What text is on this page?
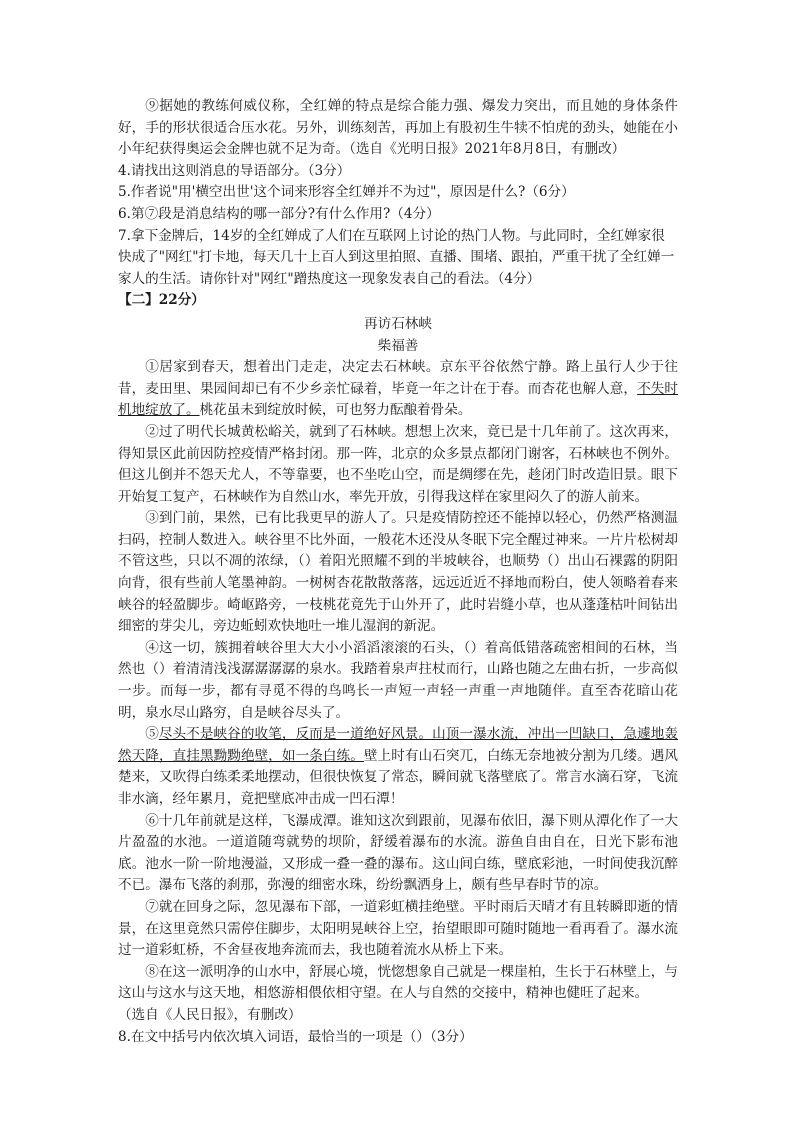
⑨据她的教练何威仪称，全红婵的特点是综合能力强、爆发力突出，而且她的身体条件好，手的形状很适合压水花。另外，训练刻苦，再加上有股初生牛犊不怕虎的劲头，她能在小小年纪获得奥运会金牌也就不足为奇。（选自《光明日报》2021年8月8日，有删改）

4.请找出这则消息的导语部分。（3分）

5.作者说"用'横空出世'这个词来形容全红婵并不为过"，原因是什么?（6分）

6.第⑦段是消息结构的哪一部分?有什么作用?（4分）

7.拿下金牌后，14岁的全红婵成了人们在互联网上讨论的热门人物。与此同时，全红婵家很快成了"网红"打卡地，每天几十上百人到这里拍照、直播、围堵、跟拍，严重干扰了全红婵一家人的生活。请你针对"网红"蹭热度这一现象发表自己的看法。（4分）

【二】22分）

再访石林峡

柴福善

①居家到春天，想着出门走走，决定去石林峡。京东平谷依然宁静。路上虽行人少于往昔，麦田里、果园间却已有不少乡亲忙碌着，毕竟一年之计在于春。而杏花也解人意，不失时机地绽放了。桃花虽未到绽放时候，可也努力酝酿着骨朵。

②过了明代长城黄松峪关，就到了石林峡。想想上次来，竟已是十几年前了。这次再来，得知景区此前因防控疫情严格封闭。那一阵，北京的众多景点都闭门谢客，石林峡也不例外。但这儿倒并不怨天尤人，不等靠要，也不坐吃山空，而是绸缪在先，趁闭门时改造旧景。眼下开始复工复产，石林峡作为自然山水，率先开放，引得我这样在家里闷久了的游人前来。

③到门前，果然，已有比我更早的游人了。只是疫情防控还不能掉以轻心，仍然严格测温扫码，控制人数进入。峡谷里不比外面，一般花木还没从冬眠下完全醒过神来。一片片松树却不管这些，只以不凋的浓绿，（）着阳光照耀不到的半坡峡谷，也顺势（）出山石裸露的阴阳向背，很有些前人笔墨神韵。一树树杏花散散落落，远远近近不择地而粉白，使人领略着春来峡谷的轻盈脚步。崎岖路旁，一枝桃花竟先于山外开了，此时岩缝小草，也从蓬蓬枯叶间钻出细密的芽尖儿，旁边蚯蚓欢快地吐一堆儿湿润的新泥。

④这一切，簇拥着峡谷里大大小小滔滔滚滚的石头，（）着高低错落疏密相间的石林，当然也（）着清清浅浅潺潺潺潺的泉水。我踏着泉声拄杖而行，山路也随之左曲右折，一步高似一步。而每一步，都有寻觅不得的鸟鸣长一声短一声轻一声重一声地随伴。直至杏花暗山花明，泉水尽山路穷，自是峡谷尽头了。

⑤尽头不是峡谷的收笔，反而是一道绝好风景。山顶一瀑水流，冲出一凹缺口，急遽地轰然天降，直挂黑黝黝绝壁，如一条白练。壁上时有山石突兀，白练无奈地被分割为几缕。遇风楚来，又吹得白练柔柔地摆动，但很快恢复了常态，瞬间就飞落壁底了。常言水滴石穿，飞流非水滴，经年累月，竟把壁底冲击成一凹石潭！

⑥十几年前就是这样，飞瀑成潭。谁知这次到跟前，见瀑布依旧，瀑下则从潭化作了一大片盈盈的水池。一道道随弯就势的坝阶，舒缓着瀑布的水流。游鱼自由自在，日光下影布池底。池水一阶一阶地漫溢，又形成一叠一叠的瀑布。这山间白练，壁底彩池，一时间使我沉醉不已。瀑布飞落的刹那，弥漫的细密水珠，纷纷飘洒身上，颇有些早春时节的凉。

⑦就在回身之际，忽见瀑布下部，一道彩虹横挂绝壁。平时雨后天晴才有且转瞬即逝的情景，在这里竟然只需停住脚步，太阳明晃峡谷上空，抬望眼即可随时随地一看再看了。瀑水流过一道彩虹桥，不舍昼夜地奔流而去，我也随着流水从桥上下来。

⑧在这一派明净的山水中，舒展心境，恍惚想象自己就是一棵崖柏，生长于石林壁上，与这山与这水与这天地，相悠游相偎依相守望。在人与自然的交接中，精神也健旺了起来。

（选自《人民日报》，有删改）

8.在文中括号内依次填入词语，最恰当的一项是（）（3分）
